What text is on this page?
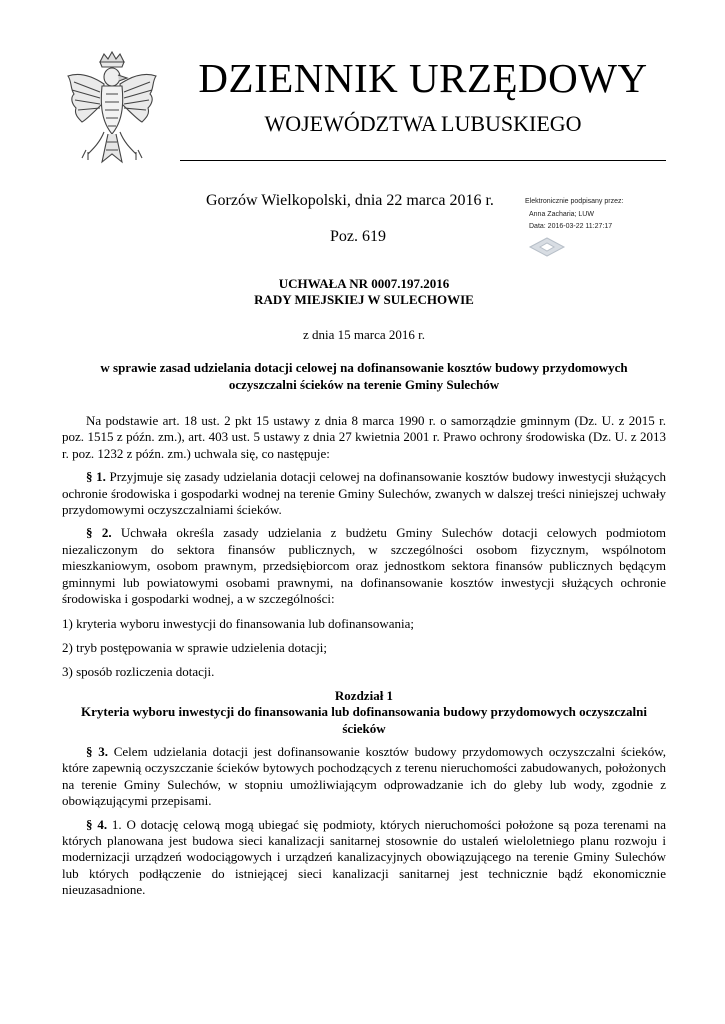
DZIENNIK URZĘDOWY
WOJEWÓDZTWA LUBUSKIEGO
Gorzów Wielkopolski, dnia 22 marca 2016 r.
Poz. 619
Elektronicznie podpisany przez:
Anna Zacharia; LUW
Data: 2016-03-22 11:27:17
UCHWAŁA NR 0007.197.2016
RADY MIEJSKIEJ W SULECHOWIE
z dnia 15 marca 2016 r.
w sprawie zasad udzielania dotacji celowej na dofinansowanie kosztów budowy przydomowych
oczyszczalni ścieków na terenie Gminy Sulechów

Na podstawie art. 18 ust. 2 pkt 15 ustawy z dnia 8 marca 1990 r. o samorządzie gminnym (Dz. U. z 2015 r. poz. 1515 z późn. zm.), art. 403 ust. 5 ustawy z dnia 27 kwietnia 2001 r. Prawo ochrony środowiska (Dz. U. z 2013 r. poz. 1232 z późn. zm.) uchwala się, co następuje:

§ 1. Przyjmuje się zasady udzielania dotacji celowej na dofinansowanie kosztów budowy inwestycji służących ochronie środowiska i gospodarki wodnej na terenie Gminy Sulechów, zwanych w dalszej treści niniejszej uchwały przydomowymi oczyszczalniami ścieków.

§ 2. Uchwała określa zasady udzielania z budżetu Gminy Sulechów dotacji celowych podmiotom niezaliczonym do sektora finansów publicznych, w szczególności osobom fizycznym, wspólnotom mieszkaniowym, osobom prawnym, przedsiębiorcom oraz jednostkom sektora finansów publicznych będącym gminnymi lub powiatowymi osobami prawnymi, na dofinansowanie kosztów inwestycji służących ochronie środowiska i gospodarki wodnej, a w szczególności:

1) kryteria wyboru inwestycji do finansowania lub dofinansowania;

2) tryb postępowania w sprawie udzielenia dotacji;

3) sposób rozliczenia dotacji.

Rozdział 1
Kryteria wyboru inwestycji do finansowania lub dofinansowania budowy przydomowych oczyszczalni ścieków

§ 3. Celem udzielania dotacji jest dofinansowanie kosztów budowy przydomowych oczyszczalni ścieków, które zapewnią oczyszczanie ścieków bytowych pochodzących z terenu nieruchomości zabudowanych, położonych na terenie Gminy Sulechów, w stopniu umożliwiającym odprowadzanie ich do gleby lub wody, zgodnie z obowiązującymi przepisami.

§ 4. 1. O dotację celową mogą ubiegać się podmioty, których nieruchomości położone są poza terenami na których planowana jest budowa sieci kanalizacji sanitarnej stosownie do ustaleń wieloletniego planu rozwoju i modernizacji urządzeń wodociągowych i urządzeń kanalizacyjnych obowiązującego na terenie Gminy Sulechów lub których podłączenie do istniejącej sieci kanalizacji sanitarnej jest technicznie bądź ekonomicznie nieuzasadnione.
